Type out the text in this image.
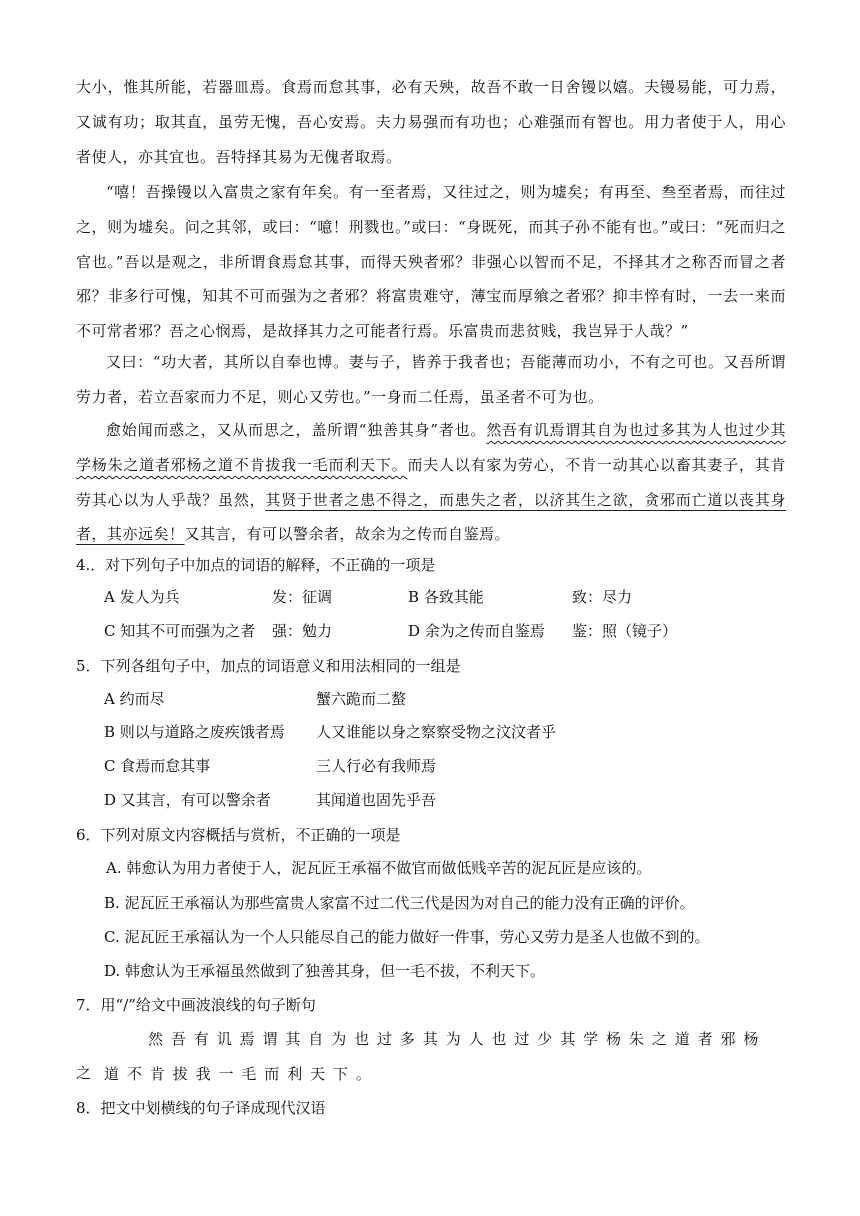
大小，惟其所能，若器皿焉。食焉而怠其事，必有天殃，故吾不敢一日舍镘以嬉。夫镘易能，可力焉，又诚有功；取其直，虽劳无愧，吾心安焉。夫力易强而有功也；心难强而有智也。用力者使于人，用心者使人，亦其宜也。吾特择其易为无傀者取焉。

“嘻！吾操镘以入富贵之家有年矣。有一至者焉，又往过之，则为墟矣；有再至、叁至者焉，而往过之，则为墟矣。问之其邻，或曰：“噫！刑戮也。”或曰：“身既死，而其子孙不能有也。”或曰：“死而归之官也。”吾以是观之，非所谓食焉怠其事，而得天殃者邪？非强心以智而不足，不择其才之称否而冒之者邪？非多行可愧，知其不可而强为之者邪？将富贵难守，薄宝而厚飨之者邪？抑丰悴有时，一去一来而不可常者邪？吾之心悯焉，是故择其力之可能者行焉。乐富贵而悲贫贱，我岂异于人哉？”

又曰：“功大者，其所以自奉也博。妻与子，皆养于我者也；吾能薄而功小，不有之可也。又吾所谓劳力者，若立吾家而力不足，则心又劳也。”一身而二任焉，虽圣者不可为也。

愈始闻而惑之，又从而思之，盖所谓“独善其身”者也。然吾有讥焉谓其自为也过多其为人也过少其学杨朱之道者邪杨之道不肯拔我一毛而利天下。而夫人以有家为劳心，不肯一动其心以畜其妻子，其肯劳其心以为人乎哉？虽然，其贤于世者之患不得之，而患失之者，以济其生之欲，贪邪而亡道以丧其身者，其亦远矣！又其言，有可以警余者，故余为之传而自鉴焉。

4.．对下列句子中加点的词语的解释，不正确的一项是

A 发人为兵	发：征调	B 各致其能	致：尽力

C 知其不可而强为之者 强：勉力	D 余为之传而自鉴焉 鉴：照（镜子）

5．下列各组句子中，加点的词语意义和用法相同的一组是

A 约而尽	蟹六跪而二螯

B 则以与道路之废疾饿者焉 人又谁能以身之察察受物之汶汶者乎

C 食焉而怠其事	三人行必有我师焉

D 又其言，有可以警余者	其闻道也固先乎吾

6．下列对原文内容概括与赏析，不正确的一项是

A. 韩愈认为用力者使于人，泥瓦匠王承福不做官而做低贱辛苦的泥瓦匠是应该的。

B. 泥瓦匠王承福认为那些富贵人家富不过二代三代是因为对自己的能力没有正确的评价。

C. 泥瓦匠王承福认为一个人只能尽自己的能力做好一件事，劳心又劳力是圣人也做不到的。

D. 韩愈认为王承福虽然做到了独善其身，但一毛不拔，不利天下。

7．用“/”给文中画波浪线的句子断句

然吾有讥焉谓其自为也过多其为人也过少其学杨朱之道者邪杨之 道不肯拔我一毛而利天下。

8．把文中划横线的句子译成现代汉语
